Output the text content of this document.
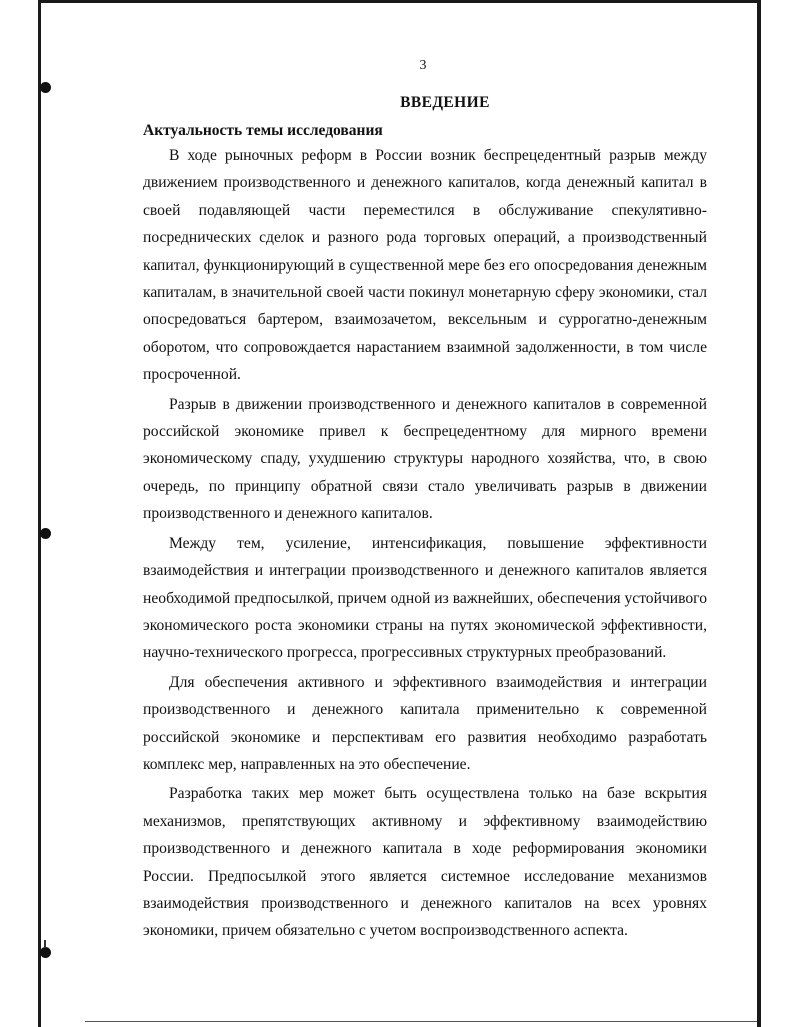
3
ВВЕДЕНИЕ
Актуальность темы исследования

В ходе рыночных реформ в России возник беспрецедентный разрыв между движением производственного и денежного капиталов, когда денежный капитал в своей подавляющей части переместился в обслуживание спекулятивно-посреднических сделок и разного рода торговых операций, а производственный капитал, функционирующий в существенной мере без его опосредования денежным капиталам, в значительной своей части покинул монетарную сферу экономики, стал опосредоваться бартером, взаимозачетом, вексельным и суррогатно-денежным оборотом, что сопровождается нарастанием взаимной задолженности, в том числе просроченной.

Разрыв в движении производственного и денежного капиталов в современной российской экономике привел к беспрецедентному для мирного времени экономическому спаду, ухудшению структуры народного хозяйства, что, в свою очередь, по принципу обратной связи стало увеличивать разрыв в движении производственного и денежного капиталов.

Между тем, усиление, интенсификация, повышение эффективности взаимодействия и интеграции производственного и денежного капиталов является необходимой предпосылкой, причем одной из важнейших, обеспечения устойчивого экономического роста экономики страны на путях экономической эффективности, научно-технического прогресса, прогрессивных структурных преобразований.

Для обеспечения активного и эффективного взаимодействия и интеграции производственного и денежного капитала применительно к современной российской экономике и перспективам его развития необходимо разработать комплекс мер, направленных на это обеспечение.

Разработка таких мер может быть осуществлена только на базе вскрытия механизмов, препятствующих активному и эффективному взаимодействию производственного и денежного капитала в ходе реформирования экономики России. Предпосылкой этого является системное исследование механизмов взаимодействия производственного и денежного капиталов на всех уровнях экономики, причем обязательно с учетом воспроизводственного аспекта.
